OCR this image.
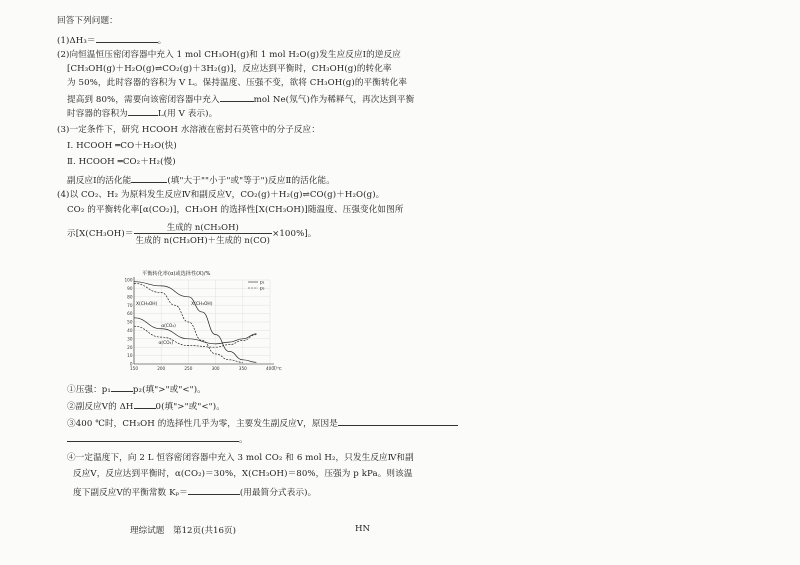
回答下列问题：
(1)ΔH₃＝	。
(2)向恒温恒压密闭容器中充入 1 mol CH₃OH(g)和 1 mol H₂O(g)发生应反应Ⅰ的逆反应
[CH₃OH(g)＋H₂O(g)⇌CO₂(g)＋3H₂(g)]，反应达到平衡时，CH₃OH(g)的转化率
为 50%，此时容器的容积为 V L。保持温度、压强不变，欲将 CH₃OH(g)的平衡转化率
提高到 80%，需要向该密闭容器中充入	mol Ne(氖气)作为稀释气，再次达到平衡
时容器的容积为	L(用 V 表示)。
(3)一定条件下，研究 HCOOH 水溶液在密封石英管中的分子反应：
Ⅰ. HCOOH ═CO＋H₂O(快)
Ⅱ. HCOOH ═CO₂＋H₂(慢)
副反应Ⅰ的活化能	(填"大于""小于"或"等于")反应Ⅱ的活化能。
(4)以 CO₂、H₂ 为原料发生反应Ⅳ和副反应Ⅴ，CO₂(g)＋H₂(g)⇌CO(g)＋H₂O(g)。
CO₂ 的平衡转化率[α(CO₂)]，CH₃OH 的选择性[X(CH₃OH)]随温度、压强变化如图所
示$[X(CH_3OH)= \frac{\text{生成的 n(CH₃OH)}}{\text{生成的 n(CH₃OH)＋生成的 n(CO)}} \times 100\%]$。
平衡转化率(α)或选择性(X)/%
0
10
20
30
40
50
60
70
80
90
100
150	200	250	300	350	400 T/℃
X(CH₃OH)	X(CH₃OH)
α(CO₂)
α(CO₂)
p₁
p₂
①压强：p₁	p₂(填">"或"<")。
②副反应Ⅴ的 ΔH	0(填">"或"<")。
③400 ℃时，CH₃OH 的选择性几乎为零，主要发生副反应Ⅴ，原因是
。
④一定温度下，向 2 L 恒容密闭容器中充入 3 mol CO₂ 和 6 mol H₂，只发生反应Ⅳ和副
反应Ⅴ，反应达到平衡时，α(CO₂)＝30%，X(CH₃OH)＝80%，压强为 p kPa。则该温
度下副反应Ⅴ的平衡常数 Kₚ＝	(用最简分式表示)。
理综试题　第12页(共16页)	HN
